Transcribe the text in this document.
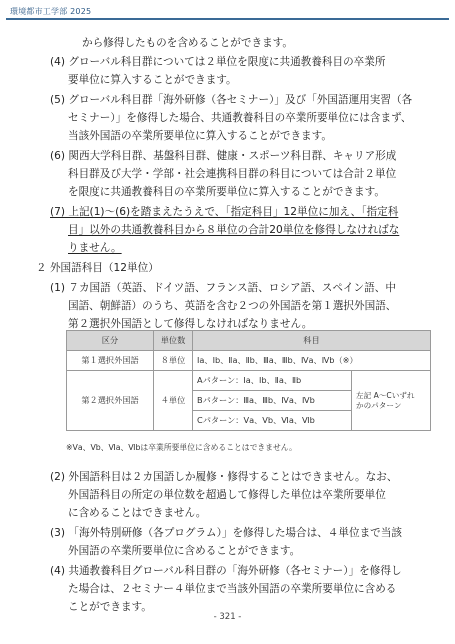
環境都市工学部 2025
から修得したものを含めることができます。
(4) グローバル科目群については２単位を限度に共通教養科目の卒業所
要単位に算入することができます。
(5) グローバル科目群「海外研修（各セミナー）」及び「外国語運用実習（各
セミナー）」を修得した場合、共通教養科目の卒業所要単位には含まず、
当該外国語の卒業所要単位に算入することができます。
(6) 関西大学科目群、基盤科目群、健康・スポーツ科目群、キャリア形成
科目群及び大学・学部・社会連携科目群の科目については合計２単位
を限度に共通教養科目の卒業所要単位に算入することができます。
(7) 上記(1)〜(6)を踏まえたうえで、「指定科目」12単位に加え、「指定科
目」以外の共通教養科目から８単位の合計20単位を修得しなければな
りません。
２ 外国語科目（12単位）
(1) ７カ国語（英語、ドイツ語、フランス語、ロシア語、スペイン語、中
国語、朝鮮語）のうち、英語を含む２つの外国語を第１選択外国語、
第２選択外国語として修得しなければなりません。
区分	単位数	科目	
第１選択外国語	８単位	Ⅰa、Ⅰb、Ⅱa、Ⅱb、Ⅲa、Ⅲb、Ⅳa、Ⅳb（※）	
第２選択外国語	４単位	Aパターン：Ⅰa、Ⅰb、Ⅱa、Ⅱb	左記 A〜Cいずれ
かのパターン

		Bパターン：Ⅲa、Ⅲb、Ⅳa、Ⅳb	
		Cパターン：Ⅴa、Ⅴb、Ⅵa、Ⅵb	
※Ⅴa、Ⅴb、Ⅵa、Ⅵbは卒業所要単位に含めることはできません。
(2) 外国語科目は２カ国語しか履修・修得することはできません。なお、
外国語科目の所定の単位数を超過して修得した単位は卒業所要単位
に含めることはできません。
(3) 「海外特別研修（各プログラム）」を修得した場合は、４単位まで当該
外国語の卒業所要単位に含めることができます。
(4) 共通教養科目グローバル科目群の「海外研修（各セミナー）」を修得し
た場合は、２セミナー４単位まで当該外国語の卒業所要単位に含める
ことができます。
- 321 -
